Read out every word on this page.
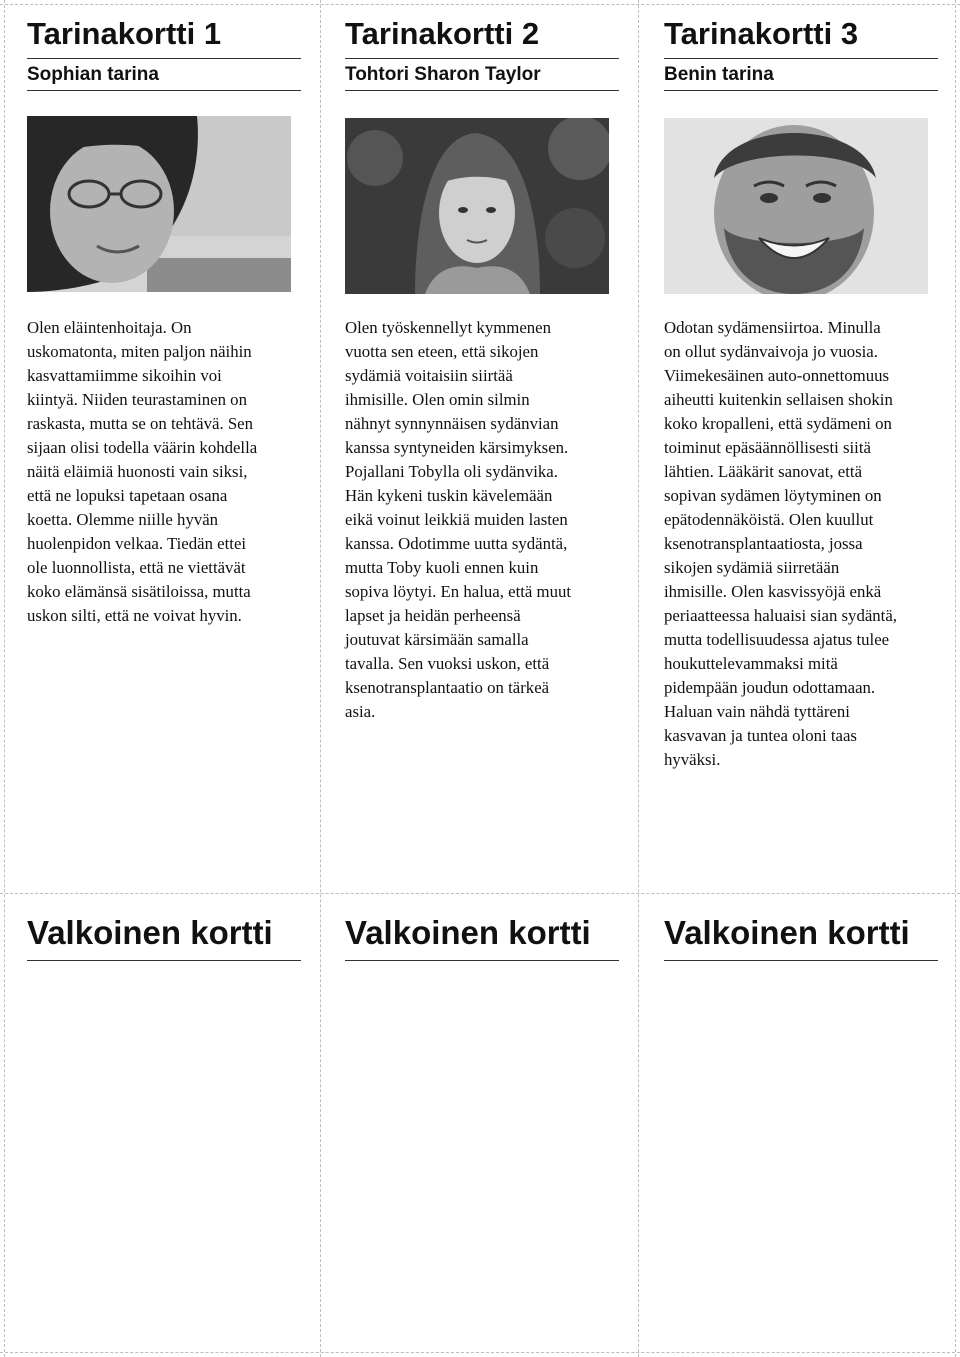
Tarinakortti 1
Sophian tarina
Olen eläintenhoitaja. On
uskomatonta, miten paljon näihin
kasvattamiimme sikoihin voi
kiintyä. Niiden teurastaminen on
raskasta, mutta se on tehtävä. Sen
sijaan olisi todella väärin kohdella
näitä eläimiä huonosti vain siksi,
että ne lopuksi tapetaan osana
koetta. Olemme niille hyvän
huolenpidon velkaa. Tiedän ettei
ole luonnollista, että ne viettävät
koko elämänsä sisätiloissa, mutta
uskon silti, että ne voivat hyvin.
Tarinakortti 2
Tohtori Sharon Taylor
Olen työskennellyt kymmenen
vuotta sen eteen, että sikojen
sydämiä voitaisiin siirtää
ihmisille. Olen omin silmin
nähnyt synnynnäisen sydänvian
kanssa syntyneiden kärsimyksen.
Pojallani Tobylla oli sydänvika.
Hän kykeni tuskin kävelemään
eikä voinut leikkiä muiden lasten
kanssa. Odotimme uutta sydäntä,
mutta Toby kuoli ennen kuin
sopiva löytyi. En halua, että muut
lapset ja heidän perheensä
joutuvat kärsimään samalla
tavalla. Sen vuoksi uskon, että
ksenotransplantaatio on tärkeä
asia.
Tarinakortti 3
Benin tarina
Odotan sydämensiirtoa. Minulla
on ollut sydänvaivoja jo vuosia.
Viimekesäinen auto-onnettomuus
aiheutti kuitenkin sellaisen shokin
koko kropalleni, että sydämeni on
toiminut epäsäännöllisesti siitä
lähtien. Lääkärit sanovat, että
sopivan sydämen löytyminen on
epätodennäköistä. Olen kuullut
ksenotransplantaatiosta, jossa
sikojen sydämiä siirretään
ihmisille. Olen kasvissyöjä enkä
periaatteessa haluaisi sian sydäntä,
mutta todellisuudessa ajatus tulee
houkuttelevammaksi mitä
pidempään joudun odottamaan.
Haluan vain nähdä tyttäreni
kasvavan ja tuntea oloni taas
hyväksi.
Valkoinen kortti	Valkoinen kortti	Valkoinen kortti
